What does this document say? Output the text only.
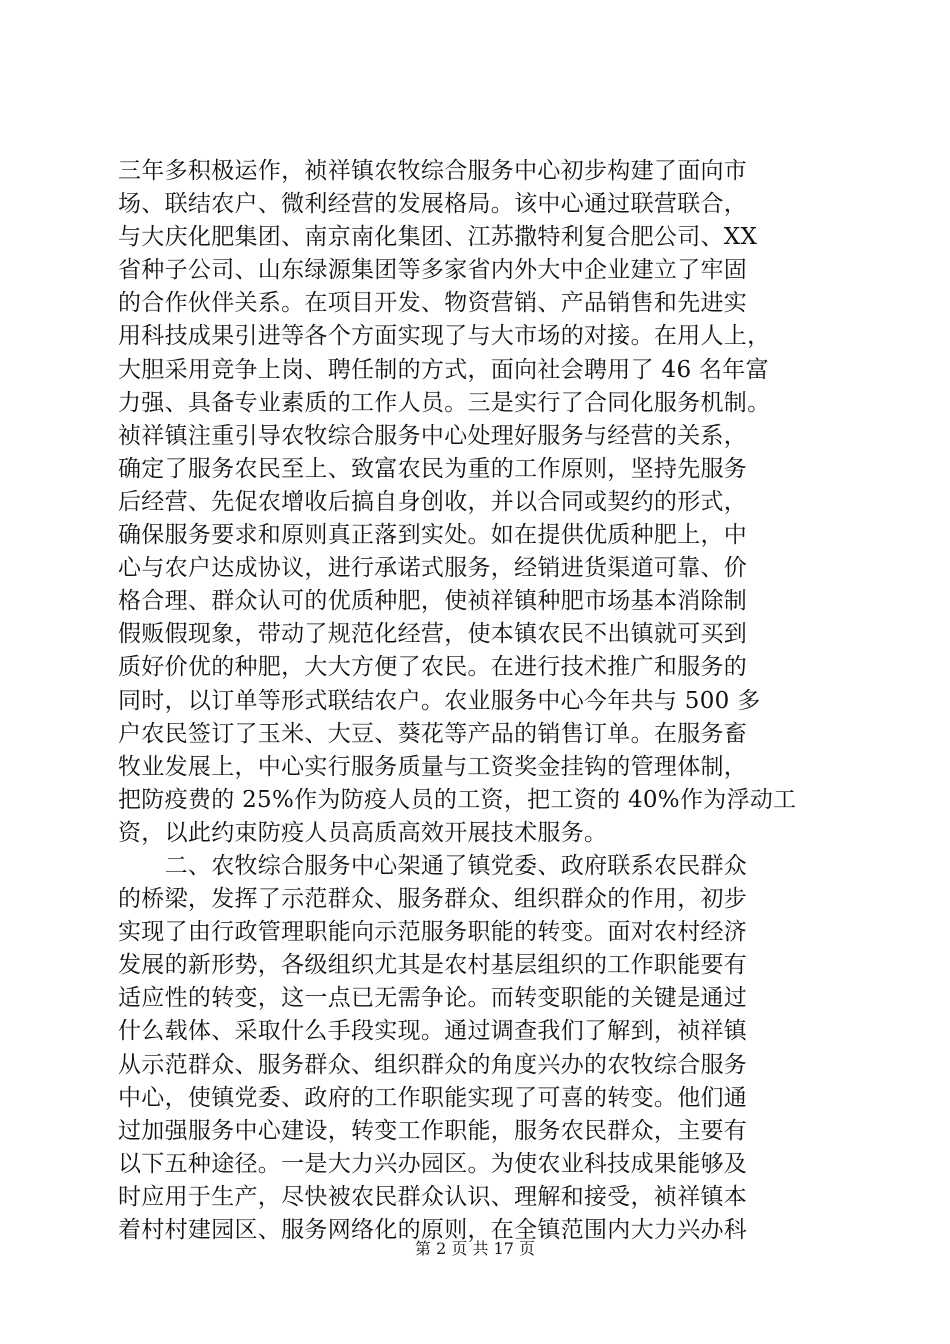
三年多积极运作，祯祥镇农牧综合服务中心初步构建了面向市
场、联结农户、微利经营的发展格局。该中心通过联营联合，
与大庆化肥集团、南京南化集团、江苏撒特利复合肥公司、XX
省种子公司、山东绿源集团等多家省内外大中企业建立了牢固
的合作伙伴关系。在项目开发、物资营销、产品销售和先进实
用科技成果引进等各个方面实现了与大市场的对接。在用人上，
大胆采用竞争上岗、聘任制的方式，面向社会聘用了 46 名年富
力强、具备专业素质的工作人员。三是实行了合同化服务机制。
祯祥镇注重引导农牧综合服务中心处理好服务与经营的关系，
确定了服务农民至上、致富农民为重的工作原则，坚持先服务
后经营、先促农增收后搞自身创收，并以合同或契约的形式，
确保服务要求和原则真正落到实处。如在提供优质种肥上，中
心与农户达成协议，进行承诺式服务，经销进货渠道可靠、价
格合理、群众认可的优质种肥，使祯祥镇种肥市场基本消除制
假贩假现象，带动了规范化经营，使本镇农民不出镇就可买到
质好价优的种肥，大大方便了农民。在进行技术推广和服务的
同时，以订单等形式联结农户。农业服务中心今年共与 500 多
户农民签订了玉米、大豆、葵花等产品的销售订单。在服务畜
牧业发展上，中心实行服务质量与工资奖金挂钩的管理体制，
把防疫费的 25%作为防疫人员的工资，把工资的 40%作为浮动工
资，以此约束防疫人员高质高效开展技术服务。
　　二、农牧综合服务中心架通了镇党委、政府联系农民群众
的桥梁，发挥了示范群众、服务群众、组织群众的作用，初步
实现了由行政管理职能向示范服务职能的转变。面对农村经济
发展的新形势，各级组织尤其是农村基层组织的工作职能要有
适应性的转变，这一点已无需争论。而转变职能的关键是通过
什么载体、采取什么手段实现。通过调查我们了解到，祯祥镇
从示范群众、服务群众、组织群众的角度兴办的农牧综合服务
中心，使镇党委、政府的工作职能实现了可喜的转变。他们通
过加强服务中心建设，转变工作职能，服务农民群众，主要有
以下五种途径。一是大力兴办园区。为使农业科技成果能够及
时应用于生产，尽快被农民群众认识、理解和接受，祯祥镇本
着村村建园区、服务网络化的原则，在全镇范围内大力兴办科
第 2 页 共 17 页
